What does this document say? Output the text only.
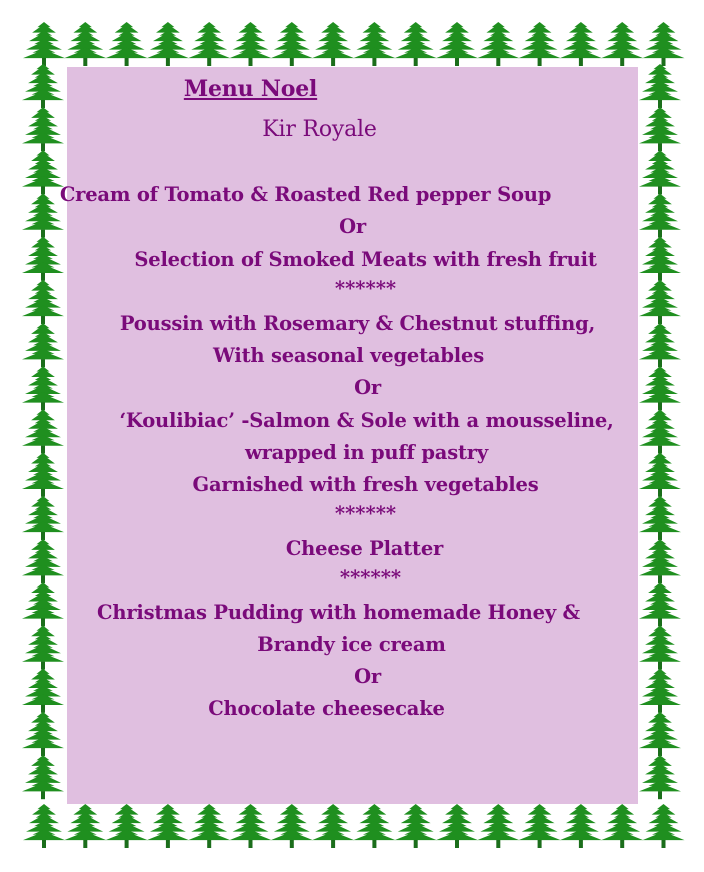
Menu Noel

Kir Royale

Cream of Tomato & Roasted Red pepper Soup

Or

Selection of Smoked Meats with fresh fruit

******

Poussin with Rosemary & Chestnut stuffing,

With seasonal vegetables

Or

‘Koulibiac’ -Salmon & Sole with a mousseline,

wrapped in puff pastry

Garnished with fresh vegetables

******

Cheese Platter

******

Christmas Pudding with homemade Honey &

Brandy ice cream

Or

Chocolate cheesecake
